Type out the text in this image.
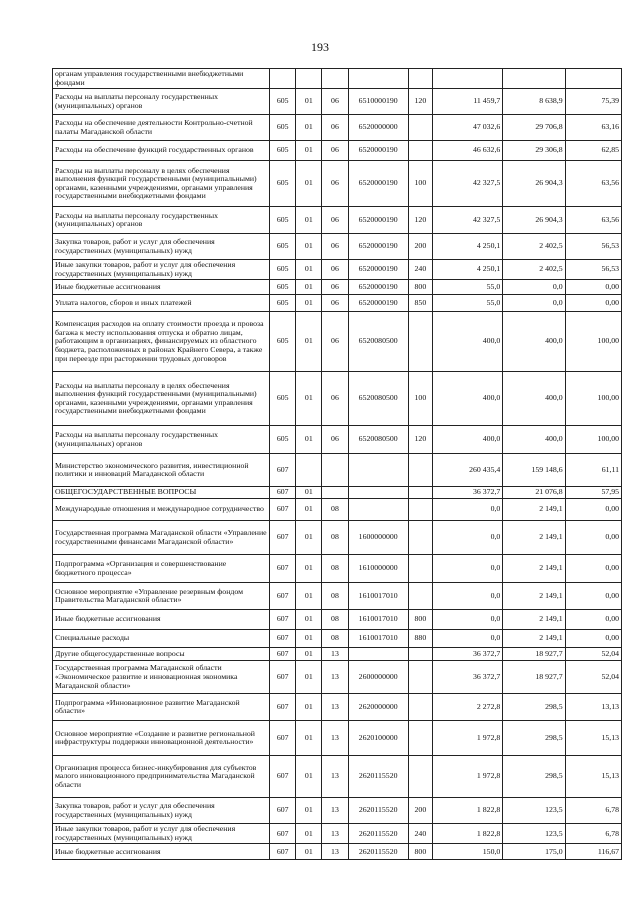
193
органам управления государственными внебюджетными фондами								
Расходы на выплаты персоналу государственных (муниципальных) органов	605	01	06	6510000190	120	11 459,7	8 638,9	75,39
Расходы на обеспечение деятельности Контрольно-счетной палаты Магаданской области	605	01	06	6520000000		47 032,6	29 706,8	63,16
Расходы на обеспечение функций государственных органов	605	01	06	6520000190		46 632,6	29 306,8	62,85
Расходы на выплаты персоналу в целях обеспечения выполнения функций государственными (муниципальными) органами, казенными учреждениями, органами управления государственными внебюджетными фондами	605	01	06	6520000190	100	42 327,5	26 904,3	63,56
Расходы на выплаты персоналу государственных (муниципальных) органов	605	01	06	6520000190	120	42 327,5	26 904,3	63,56
Закупка товаров, работ и услуг для обеспечения государственных (муниципальных) нужд	605	01	06	6520000190	200	4 250,1	2 402,5	56,53
Иные закупки товаров, работ и услуг для обеспечения государственных (муниципальных) нужд	605	01	06	6520000190	240	4 250,1	2 402,5	56,53
Иные бюджетные ассигнования	605	01	06	6520000190	800	55,0	0,0	0,00
Уплата налогов, сборов и иных платежей	605	01	06	6520000190	850	55,0	0,0	0,00
Компенсация расходов на оплату стоимости проезда и провоза багажа к месту использования отпуска и обратно лицам, работающим в организациях, финансируемых из областного бюджета, расположенных в районах Крайнего Севера, а также при переезде при расторжении трудовых договоров	605	01	06	6520080500		400,0	400,0	100,00
Расходы на выплаты персоналу в целях обеспечения выполнения функций государственными (муниципальными) органами, казенными учреждениями, органами управления государственными внебюджетными фондами	605	01	06	6520080500	100	400,0	400,0	100,00
Расходы на выплаты персоналу государственных (муниципальных) органов	605	01	06	6520080500	120	400,0	400,0	100,00
Министерство экономического развития, инвестиционной политики и инноваций Магаданской области	607					260 435,4	159 148,6	61,11
ОБЩЕГОСУДАРСТВЕННЫЕ ВОПРОСЫ	607	01				36 372,7	21 076,8	57,95
Международные отношения и международное сотрудничество	607	01	08			0,0	2 149,1	0,00
Государственная программа Магаданской области «Управление государственными финансами Магаданской области»	607	01	08	1600000000		0,0	2 149,1	0,00
Подпрограмма «Организация и совершенствование бюджетного процесса»	607	01	08	1610000000		0,0	2 149,1	0,00
Основное мероприятие «Управление резервным фондом Правительства Магаданской области»	607	01	08	1610017010		0,0	2 149,1	0,00
Иные бюджетные ассигнования	607	01	08	1610017010	800	0,0	2 149,1	0,00
Специальные расходы	607	01	08	1610017010	880	0,0	2 149,1	0,00
Другие общегосударственные вопросы	607	01	13			36 372,7	18 927,7	52,04
Государственная программа Магаданской области «Экономическое развитие и инновационная экономика Магаданской области»	607	01	13	2600000000		36 372,7	18 927,7	52,04
Подпрограмма «Инновационное развитие Магаданской области»	607	01	13	2620000000		2 272,8	298,5	13,13
Основное мероприятие «Создание и развитие региональной инфраструктуры поддержки инновационной деятельности»	607	01	13	2620100000		1 972,8	298,5	15,13
Организация процесса бизнес-инкубирования для субъектов малого инновационного предпринимательства Магаданской области	607	01	13	2620115520		1 972,8	298,5	15,13
Закупка товаров, работ и услуг для обеспечения государственных (муниципальных) нужд	607	01	13	2620115520	200	1 822,8	123,5	6,78
Иные закупки товаров, работ и услуг для обеспечения государственных (муниципальных) нужд	607	01	13	2620115520	240	1 822,8	123,5	6,78
Иные бюджетные ассигнования	607	01	13	2620115520	800	150,0	175,0	116,67
